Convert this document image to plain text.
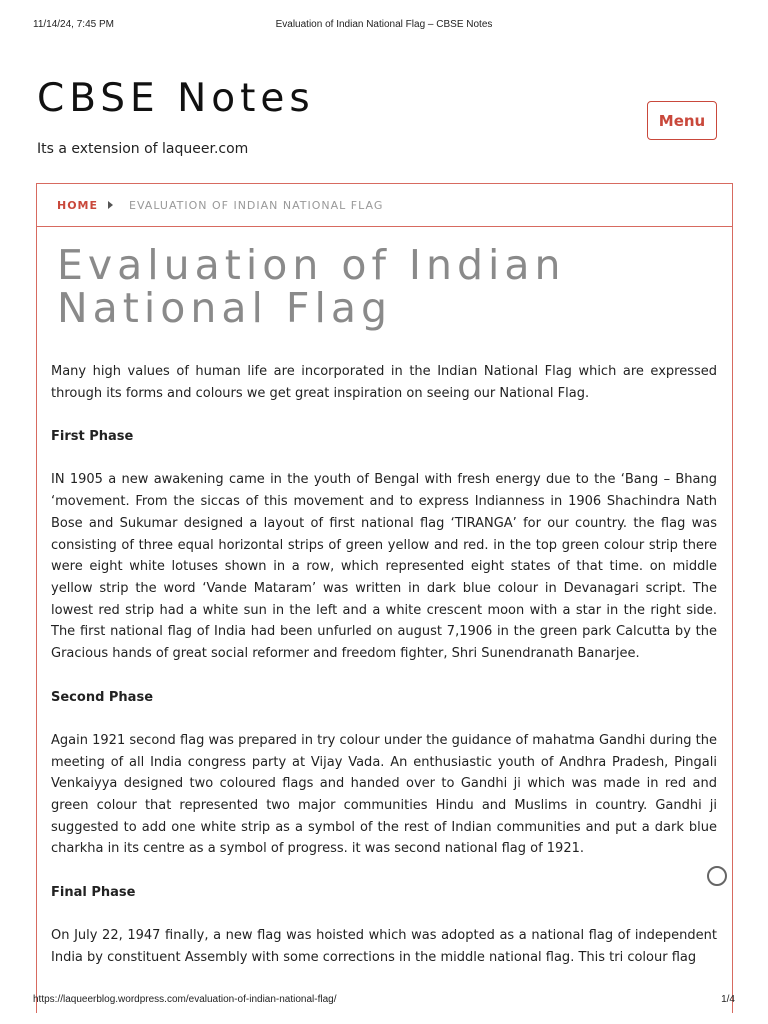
11/14/24, 7:45 PM	Evaluation of Indian National Flag – CBSE Notes
CBSE Notes
Its a extension of laqueer.com
Menu
HOME	EVALUATION OF INDIAN NATIONAL FLAG
Evaluation of Indian National Flag

Many high values of human life are incorporated in the Indian National Flag which are expressed through its forms and colours we get great inspiration on seeing our National Flag.

First Phase

IN 1905 a new awakening came in the youth of Bengal with fresh energy due to the ‘Bang – Bhang ‘movement. From the siccas of this movement and to express Indianness in 1906 Shachindra Nath Bose and Sukumar designed a layout of first national flag ‘TIRANGA’ for our country. the flag was consisting of three equal horizontal strips of green yellow and red. in the top green colour strip there were eight white lotuses shown in a row, which represented eight states of that time. on middle yellow strip the word ‘Vande Mataram’ was written in dark blue colour in Devanagari script. The lowest red strip had a white sun in the left and a white crescent moon with a star in the right side. The first national flag of India had been unfurled on august 7,1906 in the green park Calcutta by the Gracious hands of great social reformer and freedom fighter, Shri Sunendranath Banarjee.

Second Phase

Again 1921 second flag was prepared in try colour under the guidance of mahatma Gandhi during the meeting of all India congress party at Vijay Vada. An enthusiastic youth of Andhra Pradesh, Pingali Venkaiyya designed two coloured flags and handed over to Gandhi ji which was made in red and green colour that represented two major communities Hindu and Muslims in country. Gandhi ji suggested to add one white strip as a symbol of the rest of Indian communities and put a dark blue charkha in its centre as a symbol of progress. it was second national flag of 1921.

Final Phase

On July 22, 1947 finally, a new flag was hoisted which was adopted as a national flag of independent India by constituent Assembly with some corrections in the middle national flag. This tri colour flag

https://laqueerblog.wordpress.com/evaluation-of-indian-national-flag/	1/4
